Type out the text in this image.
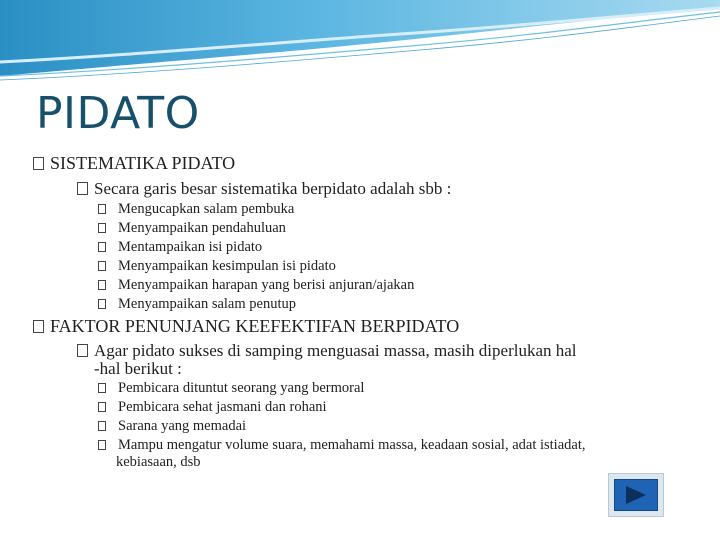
PIDATO
SISTEMATIKA PIDATO
Secara garis besar sistematika berpidato adalah sbb :
Mengucapkan salam pembuka
Menyampaikan pendahuluan
Mentampaikan isi pidato
Menyampaikan kesimpulan isi pidato
Menyampaikan harapan yang berisi anjuran/ajakan
Menyampaikan salam penutup
FAKTOR PENUNJANG KEEFEKTIFAN BERPIDATO
Agar pidato sukses di samping menguasai massa, masih diperlukan hal
-hal berikut :
Pembicara dituntut seorang yang bermoral
Pembicara sehat jasmani dan rohani
Sarana yang memadai
Mampu mengatur volume suara, memahami massa, keadaan sosial, adat istiadat,
kebiasaan, dsb
